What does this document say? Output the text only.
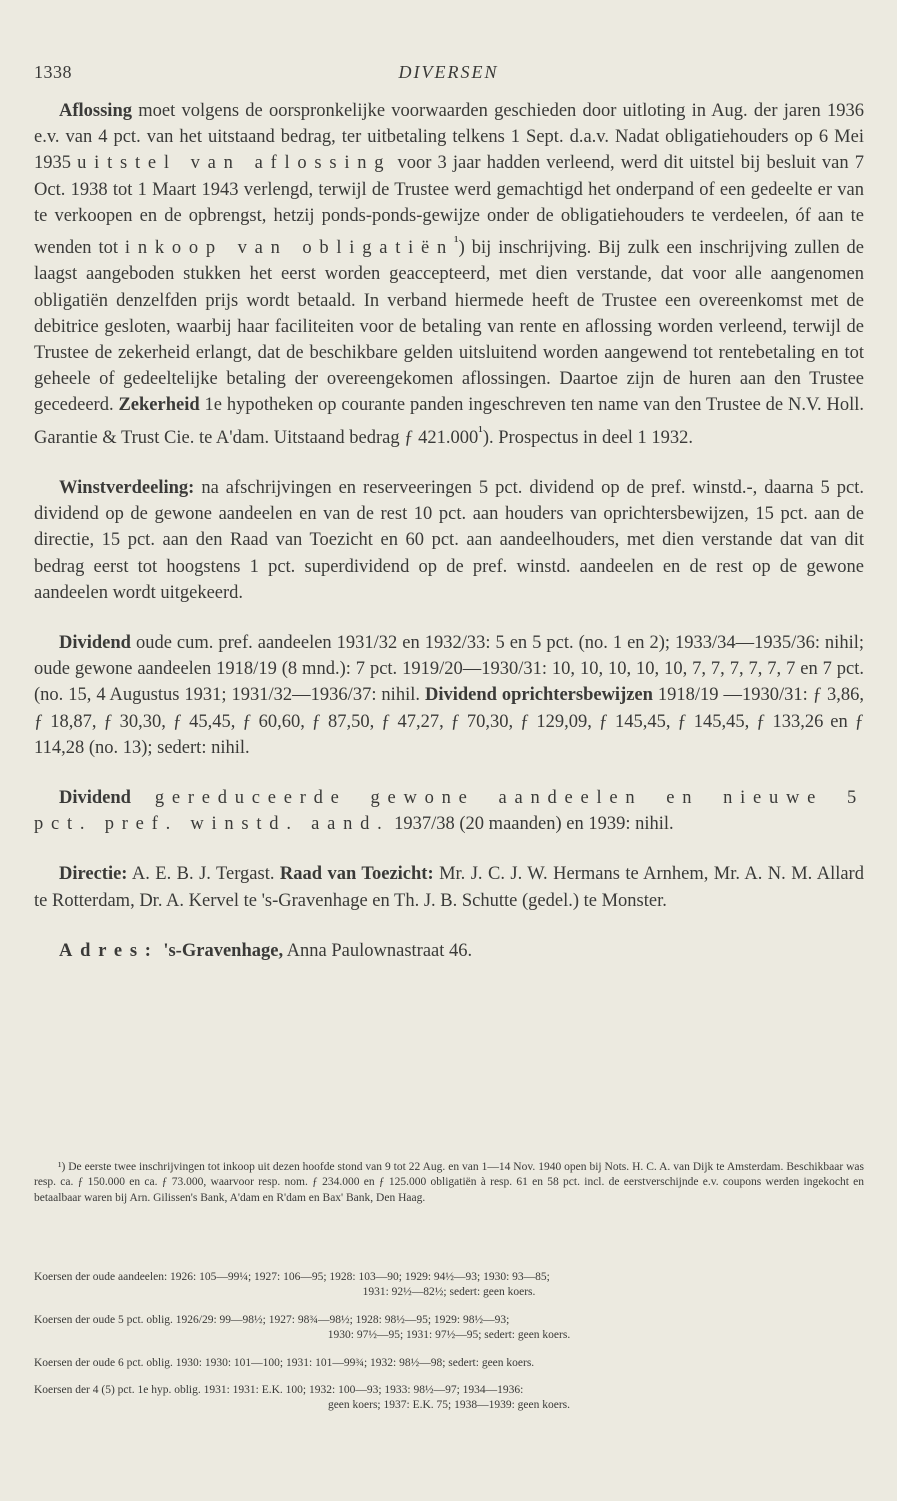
1338	DIVERSEN

Aflossing moet volgens de oorspronkelijke voorwaarden geschieden door uitloting in Aug. der jaren 1936 e.v. van 4 pct. van het uitstaand bedrag, ter uitbetaling telkens 1 Sept. d.a.v. Nadat obligatiehouders op 6 Mei 1935 uitstel van aflossing voor 3 jaar hadden verleend, werd dit uitstel bij besluit van 7 Oct. 1938 tot 1 Maart 1943 verlengd, terwijl de Trustee werd gemachtigd het onderpand of een gedeelte er van te verkoopen en de opbrengst, hetzij ponds-ponds-gewijze onder de obligatiehouders te verdeelen, óf aan te wenden tot inkoop van obligatiën$^{^1}$) bij inschrijving. Bij zulk een inschrijving zullen de laagst aangeboden stukken het eerst worden geaccepteerd, met dien verstande, dat voor alle aangenomen obligatiën denzelfden prijs wordt betaald. In verband hiermede heeft de Trustee een overeenkomst met de debitrice gesloten, waarbij haar faciliteiten voor de betaling van rente en aflossing worden verleend, terwijl de Trustee de zekerheid erlangt, dat de beschikbare gelden uitsluitend worden aangewend tot rentebetaling en tot geheele of gedeeltelijke betaling der overeengekomen aflossingen. Daartoe zijn de huren aan den Trustee gecedeerd. Zekerheid 1e hypotheken op courante panden ingeschreven ten name van den Trustee de N.V. Holl. Garantie & Trust Cie. te A'dam. Uitstaand bedrag ƒ $421.000^{^1}$). Prospectus in deel 1 1932.

Winstverdeeling: na afschrijvingen en reserveeringen 5 pct. dividend op de pref. winstd.-, daarna 5 pct. dividend op de gewone aandeelen en van de rest 10 pct. aan houders van oprichtersbewijzen, 15 pct. aan de directie, 15 pct. aan den Raad van Toezicht en 60 pct. aan aandeelhouders, met dien verstande dat van dit bedrag eerst tot hoogstens 1 pct. superdividend op de pref. winstd. aandeelen en de rest op de gewone aandeelen wordt uitgekeerd.

Dividend oude cum. pref. aandeelen 1931/32 en 1932/33: 5 en 5 pct. (no. 1 en 2); 1933/34—1935/36: nihil; oude gewone aandeelen 1918/19 (8 mnd.): 7 pct. 1919/20—1930/31: 10, 10, 10, 10, 10, 7, 7, 7, 7, 7, 7 en 7 pct. (no. 15, 4 Augustus 1931; 1931/32—1936/37: nihil. Dividend oprichtersbewijzen 1918/19 —1930/31: ƒ 3,86, ƒ 18,87, ƒ 30,30, ƒ 45,45, ƒ 60,60, ƒ 87,50, ƒ 47,27, ƒ 70,30, ƒ 129,09, ƒ 145,45, ƒ 145,45, ƒ 133,26 en ƒ 114,28 (no. 13); sedert: nihil.

Dividend gereduceerde gewone aandeelen en nieuwe 5 pct. pref. winstd. aand. 1937/38 (20 maanden) en 1939: nihil.

Directie: A. E. B. J. Tergast. Raad van Toezicht: Mr. J. C. J. W. Hermans te Arnhem, Mr. A. N. M. Allard te Rotterdam, Dr. A. Kervel te 's-Gravenhage en Th. J. B. Schutte (gedel.) te Monster.

Adres: 's-Gravenhage, Anna Paulownastraat 46.

¹) De eerste twee inschrijvingen tot inkoop uit dezen hoofde stond van 9 tot 22 Aug. en van 1—14 Nov. 1940 open bij Nots. H. C. A. van Dijk te Amsterdam. Beschikbaar was resp. ca. ƒ 150.000 en ca. ƒ 73.000, waarvoor resp. nom. ƒ 234.000 en ƒ 125.000 obligatiën à resp. 61 en 58 pct. incl. de eerstverschijnde e.v. coupons werden ingekocht en betaalbaar waren bij Arn. Gilissen's Bank, A'dam en R'dam en Bax' Bank, Den Haag.

Koersen der oude aandeelen: 1926: 105—99¼; 1927: 106—95; 1928: 103—90; 1929: 94½—93; 1930: 93—85;
1931: 92½—82½; sedert: geen koers.
Koersen der oude 5 pct. oblig. 1926/29: 99—98½; 1927: 98¾—98½; 1928: 98½—95; 1929: 98½—93;
1930: 97½—95; 1931: 97½—95; sedert: geen koers.
Koersen der oude 6 pct. oblig. 1930: 1930: 101—100; 1931: 101—99¾; 1932: 98½—98; sedert: geen koers.
Koersen der 4 (5) pct. 1e hyp. oblig. 1931: 1931: E.K. 100; 1932: 100—93; 1933: 98½—97; 1934—1936:
geen koers; 1937: E.K. 75; 1938—1939: geen koers.
